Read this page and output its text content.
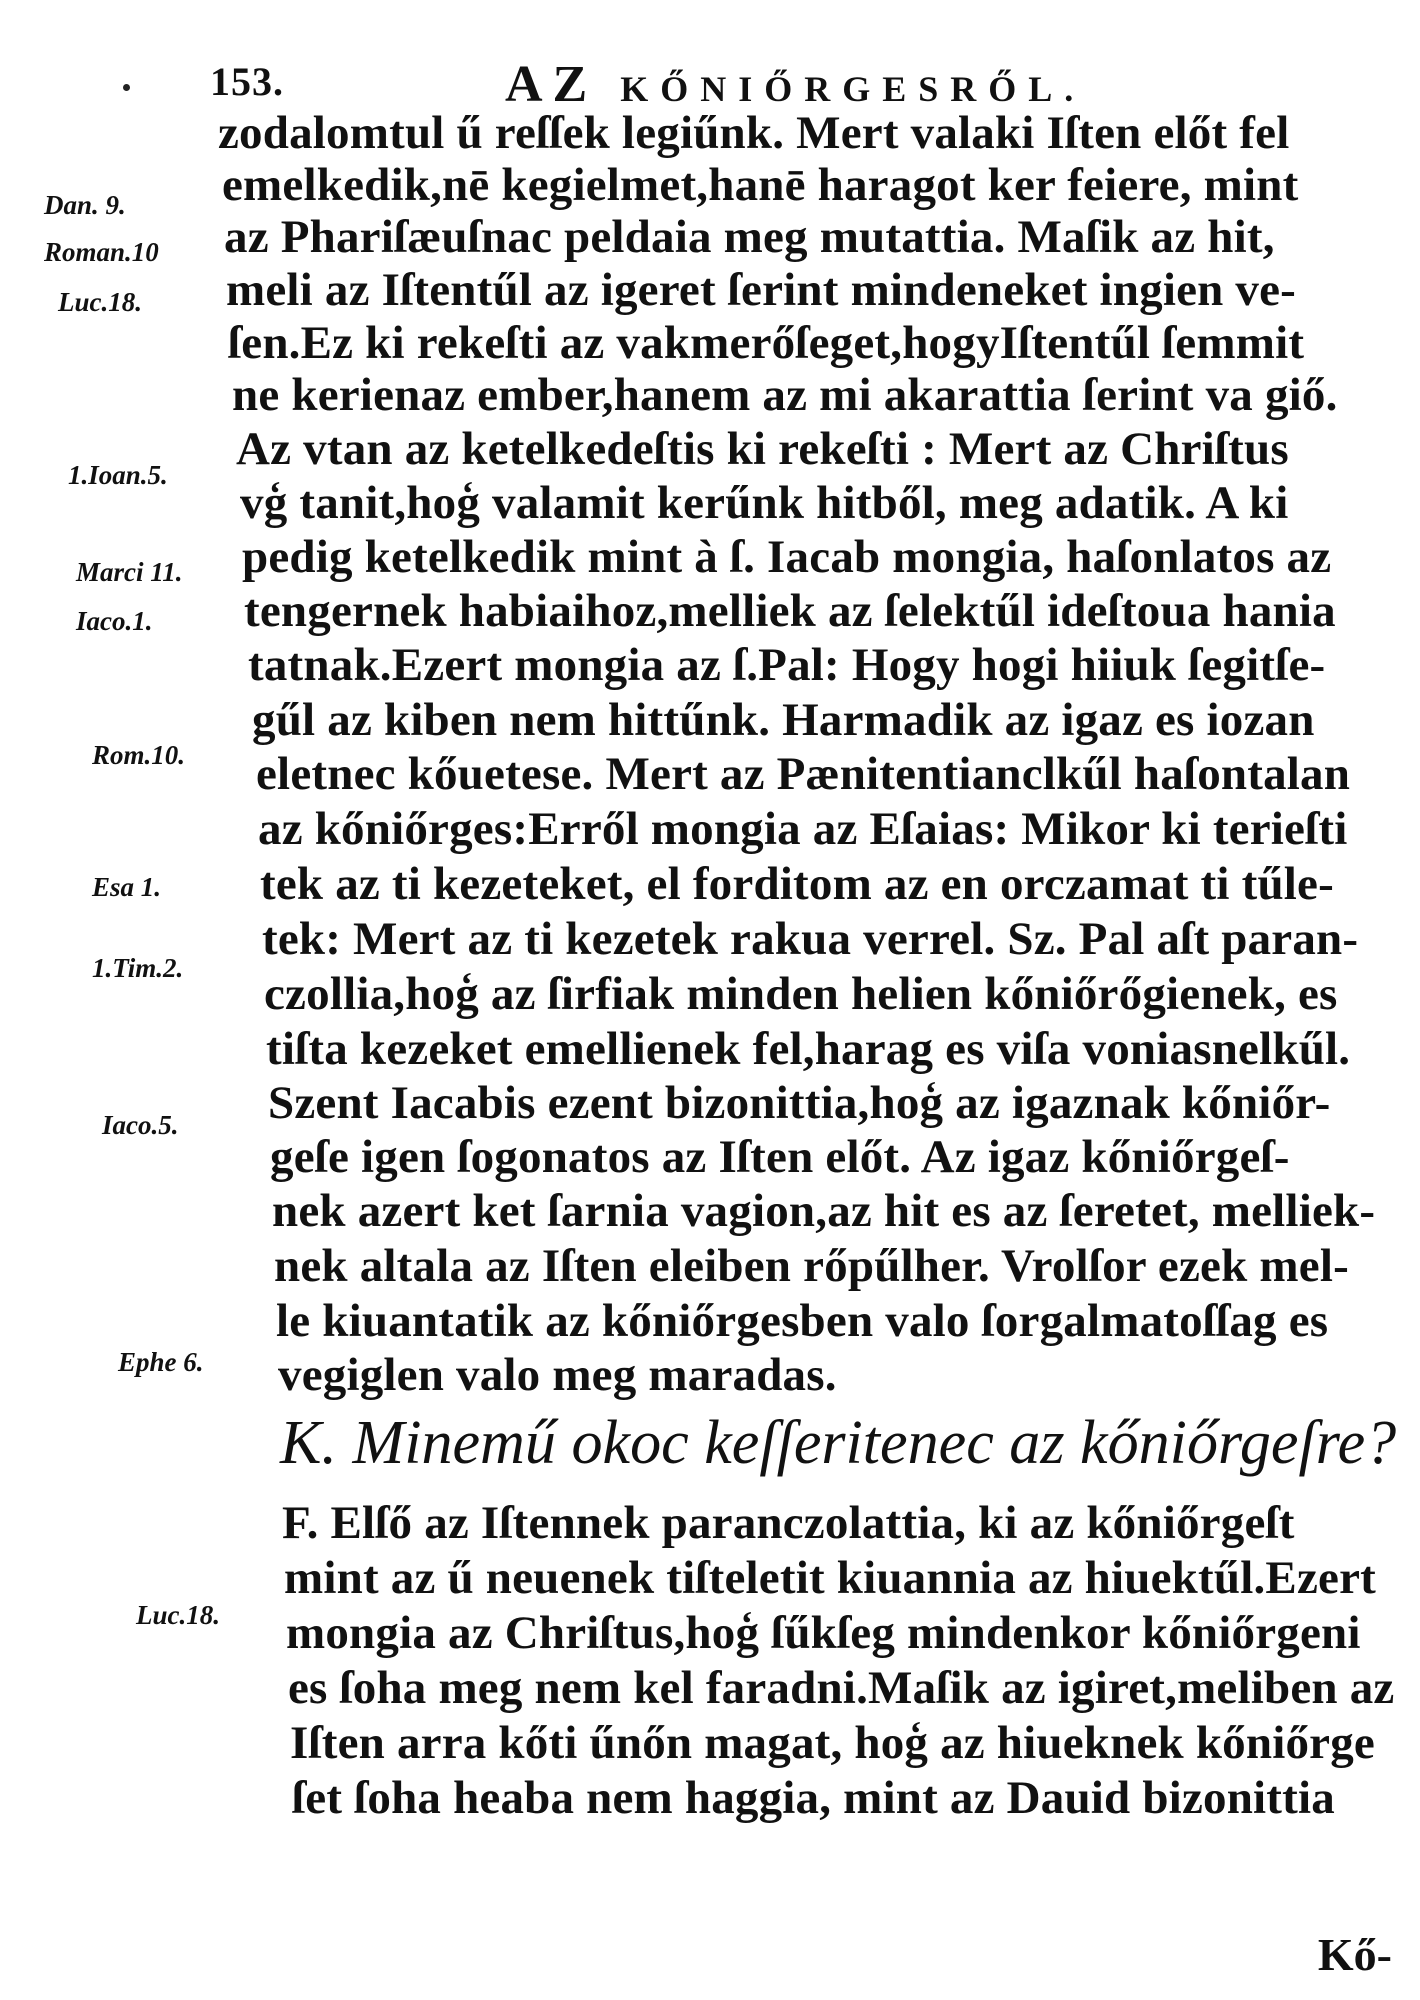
153.	AZ KŐNIŐRGESRŐL.
Dan. 9.
Roman.10
Luc.18.
1.Ioan.5.
Marci 11.
Iaco.1.
Rom.10.
Esa 1.
1.Tim.2.
Iaco.5.
Ephe 6.
Luc.18.
zodalomtul ű reſſek legiűnk. Mert valaki Iſten előt fel
emelkedik,nē kegielmet,hanē haragot ker feiere, mint
az Phariſæuſnac peldaia meg mutattia. Maſik az hit,
meli az Iſtentűl az igeret ſerint mindeneket ingien ve-
ſen.Ez ki rekeſti az vakmerőſeget,hogyIſtentűl ſemmit
ne kerienaz ember,hanem az mi akarattia ſerint va giő.
Az vtan az ketelkedeſtis ki rekeſti : Mert az Chriſtus
vģ tanit,hoģ valamit kerűnk hitből, meg adatik. A ki
pedig ketelkedik mint à ſ. Iacab mongia, haſonlatos az
tengernek habiaihoz,melliek az ſelektűl ideſtoua hania
tatnak.Ezert mongia az ſ.Pal: Hogy hogi hiiuk ſegitſe-
gűl az kiben nem hittűnk. Harmadik az igaz es iozan
eletnec kőuetese. Mert az Pænitentianclkűl haſontalan
az kőniőrges:Erről mongia az Eſaias: Mikor ki terieſti
tek az ti kezeteket, el forditom az en orczamat ti tűle-
tek: Mert az ti kezetek rakua verrel. Sz. Pal aſt paran-
czollia,hoģ az ſirfiak minden helien kőniőrőgienek, es
tiſta kezeket emellienek fel,harag es viſa voniasnelkűl.
Szent Iacabis ezent bizonittia,hoģ az igaznak kőniőr-
geſe igen ſogonatos az Iſten előt. Az igaz kőniőrgeſ-
nek azert ket ſarnia vagion,az hit es az ſeretet, melliek-
nek altala az Iſten eleiben rőpűlher. Vrolſor ezek mel-
le kiuantatik az kőniőrgesben valo ſorgalmatoſſag es
vegiglen valo meg maradas.
K. Minemű okoc keſſeritenec az kőniőrgeſre?
F. Elſő az Iſtennek paranczolattia, ki az kőniőrgeſt
mint az ű neuenek tiſteletit kiuannia az hiuektűl.Ezert
mongia az Chriſtus,hoģ ſűkſeg mindenkor kőniőrgeni
es ſoha meg nem kel faradni.Maſik az igiret,meliben az
Iſten arra kőti űnőn magat, hoģ az hiueknek kőniőrge
ſet ſoha heaba nem haggia, mint az Dauid bizonittia
Kő-
